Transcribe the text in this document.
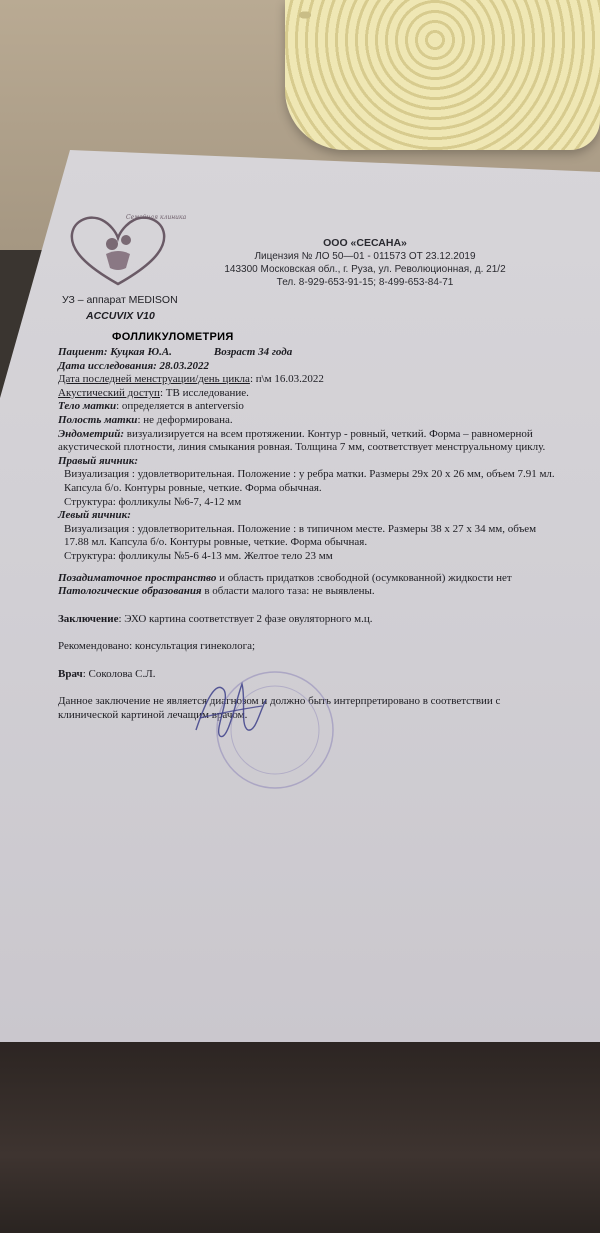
Семейная клиника
ООО «СЕСАНА»
Лицензия № ЛО 50—01 - 011573 ОТ 23.12.2019
143300 Московская обл., г. Руза, ул. Революционная, д. 21/2
Тел. 8-929-653-91-15; 8-499-653-84-71
УЗ – аппарат MEDISON
ACCUVIX V10
ФОЛЛИКУЛОМЕТРИЯ

Пациент:
Куцкая Ю.А.	Возраст 34 года

Дата исследования: 28.03.2022

Дата последней менструации/день цикла: п\м 16.03.2022

Акустический доступ: ТВ исследование.

Тело матки: определяется в anterversio

Полость матки: не деформирована.

Эндометрий: визуализируется на всем протяжении. Контур - ровный, четкий. Форма – равномерной акустической плотности, линия смыкания ровная. Толщина 7 мм, соответствует менструальному циклу.

Правый яичник:

Визуализация : удовлетворительная. Положение : у ребра матки. Размеры 29х 20 х 26 мм, объем 7.91 мл. Капсула б/о. Контуры ровные, четкие. Форма обычная.

Структура: фолликулы №6-7, 4-12 мм

Левый яичник:

Визуализация : удовлетворительная. Положение : в типичном месте. Размеры 38 х 27 х 34 мм, объем 17.88 мл. Капсула б/о. Контуры ровные, четкие. Форма обычная.

Структура: фолликулы №5-6 4-13 мм. Желтое тело 23 мм

Позадиматочное пространство и область придатков :свободной (осумкованной) жидкости нет

Патологические образования в области малого таза: не выявлены.

Заключение: ЭХО картина соответствует 2 фазе овуляторного м.ц.

Рекомендовано: консультация гинеколога;

Врач: Соколова С.Л.

Данное заключение не является диагнозом и должно быть интерпретировано в соответствии с клинической картиной лечащим врачом.
